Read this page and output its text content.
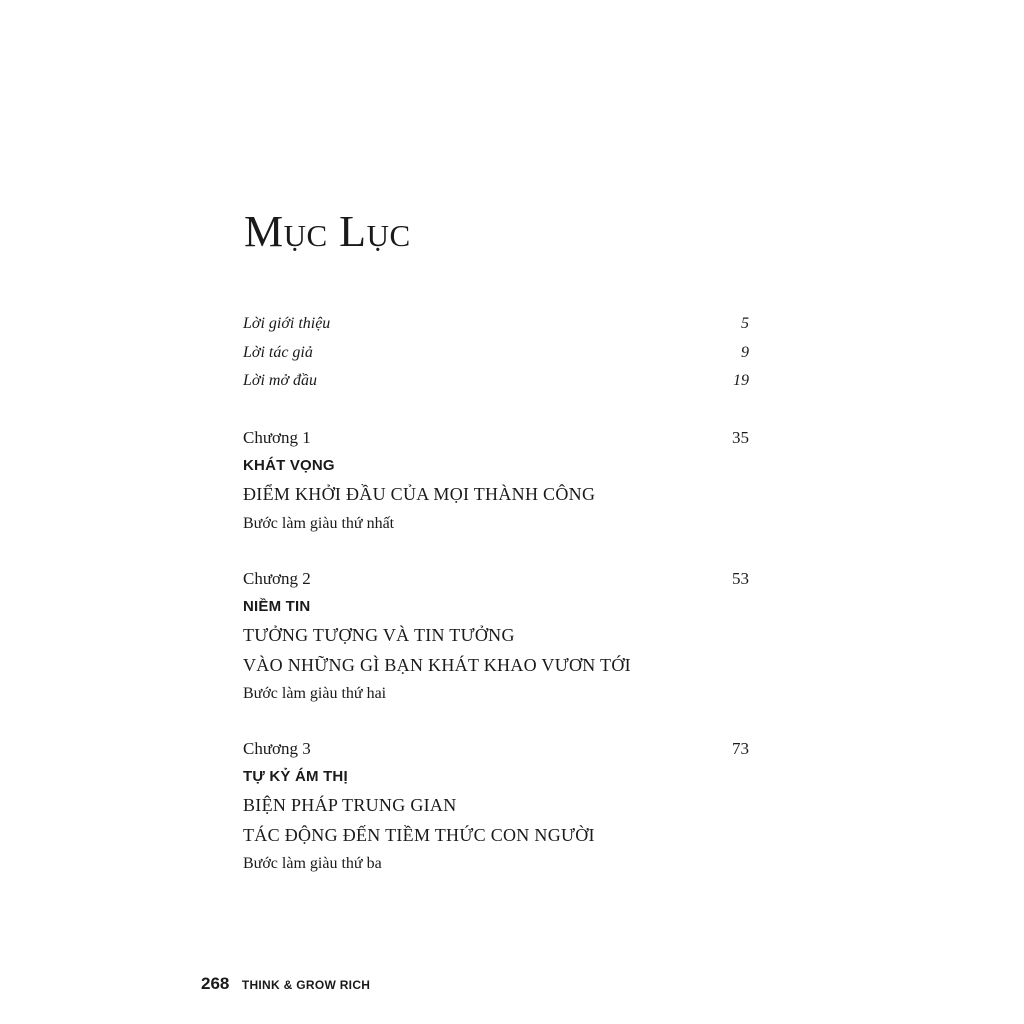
Mục Lục
Lời giới thiệu	5
Lời tác giả	9
Lời mở đầu	19
Chương 1	35
KHÁT VỌNG
ĐIỂM KHỞI ĐẦU CỦA MỌI THÀNH CÔNG
Bước làm giàu thứ nhất
Chương 2	53
NIỀM TIN
TƯỞNG TƯỢNG VÀ TIN TƯỞNG
VÀO NHỮNG GÌ BẠN KHÁT KHAO VƯƠN TỚI
Bước làm giàu thứ hai
Chương 3	73
TỰ KỶ ÁM THỊ
BIỆN PHÁP TRUNG GIAN
TÁC ĐỘNG ĐẾN TIỀM THỨC CON NGƯỜI
Bước làm giàu thứ ba
268 THINK & GROW RICH
